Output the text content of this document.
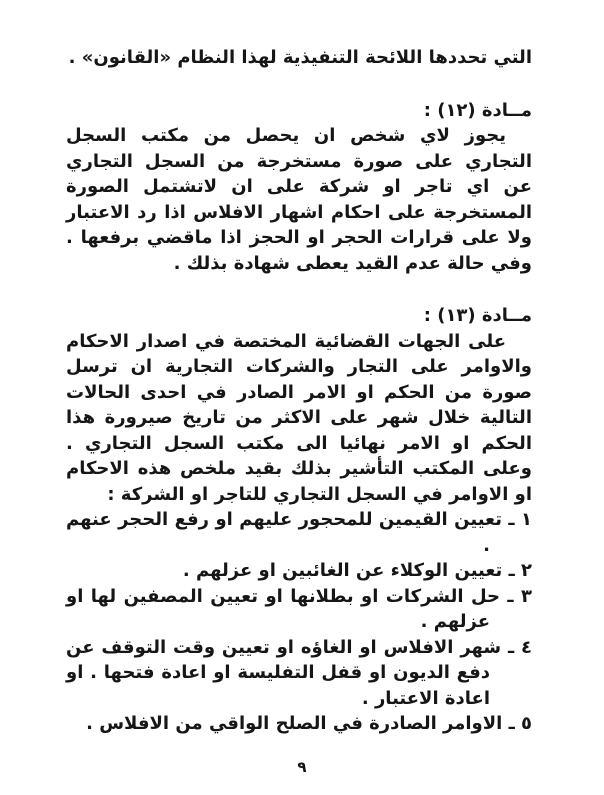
التي تحددها اللائحة التنفيذية لهذا النظام «القانون» .

مــادة (١٢) :

يجوز لاي شخص ان يحصل من مكتب السجل التجاري على صورة مستخرجة من السجل التجاري عن اي تاجر او شركة على ان لاتشتمل الصورة المستخرجة على احكام اشهار الافلاس اذا رد الاعتبار ولا على قرارات الحجر او الحجز اذا ماقضي برفعها . وفي حالة عدم القيد يعطى شهادة بذلك .

مــادة (١٣) :

على الجهات القضائية المختصة في اصدار الاحكام والاوامر على التجار والشركات التجارية ان ترسل صورة من الحكم او الامر الصادر في احدى الحالات التالية خلال شهر على الاكثر من تاريخ صيرورة هذا الحكم او الامر نهائيا الى مكتب السجل التجاري . وعلى المكتب التأشير بذلك بقيد ملخص هذه الاحكام او الاوامر في السجل التجاري للتاجر او الشركة :

١ ـ تعيين القيمين للمحجور عليهم او رفع الحجر عنهم .

٢ ـ تعيين الوكلاء عن الغائبين او عزلهم .

٣ ـ حل الشركات او بطلانها او تعيين المصفين لها او عزلهم .

٤ ـ شهر الافلاس او الغاؤه او تعيين وقت التوقف عن دفع الديون او قفل التفليسة او اعادة فتحها . او اعادة الاعتبار .

٥ ـ الاوامر الصادرة في الصلح الواقي من الافلاس .

٩
